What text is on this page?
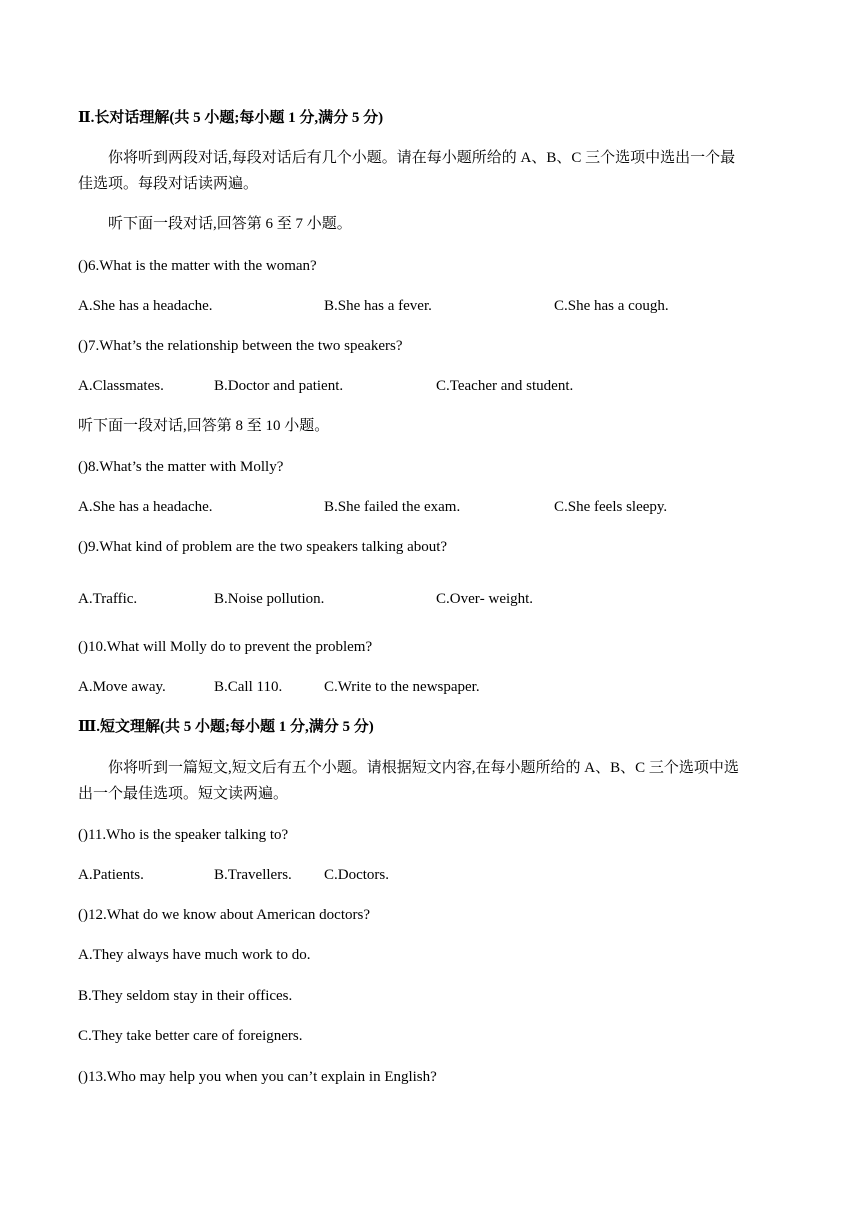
Ⅱ.长对话理解(共 5 小题;每小题 1 分,满分 5 分)
你将听到两段对话,每段对话后有几个小题。请在每小题所给的 A、B、C 三个选项中选出一个最
佳选项。每段对话读两遍。
听下面一段对话,回答第 6 至 7 小题。
()6.What is the matter with the woman?
A.She has a headache.	B.She has a fever.	C.She has a cough.
()7.What’s the relationship between the two speakers?
A.Classmates.	B.Doctor and patient.	C.Teacher and student.
听下面一段对话,回答第 8 至 10 小题。
()8.What’s the matter with Molly?
A.She has a headache.	B.She failed the exam.	C.She feels sleepy.
()9.What kind of problem are the two speakers talking about?
A.Traffic.	B.Noise pollution.	C.Over‐ weight.
()10.What will Molly do to prevent the problem?
A.Move away.	B.Call 110.	C.Write to the newspaper.
Ⅲ.短文理解(共 5 小题;每小题 1 分,满分 5 分)
你将听到一篇短文,短文后有五个小题。请根据短文内容,在每小题所给的 A、B、C 三个选项中选
出一个最佳选项。短文读两遍。
()11.Who is the speaker talking to?
A.Patients.	B.Travellers. C.Doctors.
()12.What do we know about American doctors?
A.They always have much work to do.
B.They seldom stay in their offices.
C.They take better care of foreigners.
()13.Who may help you when you can’t explain in English?
